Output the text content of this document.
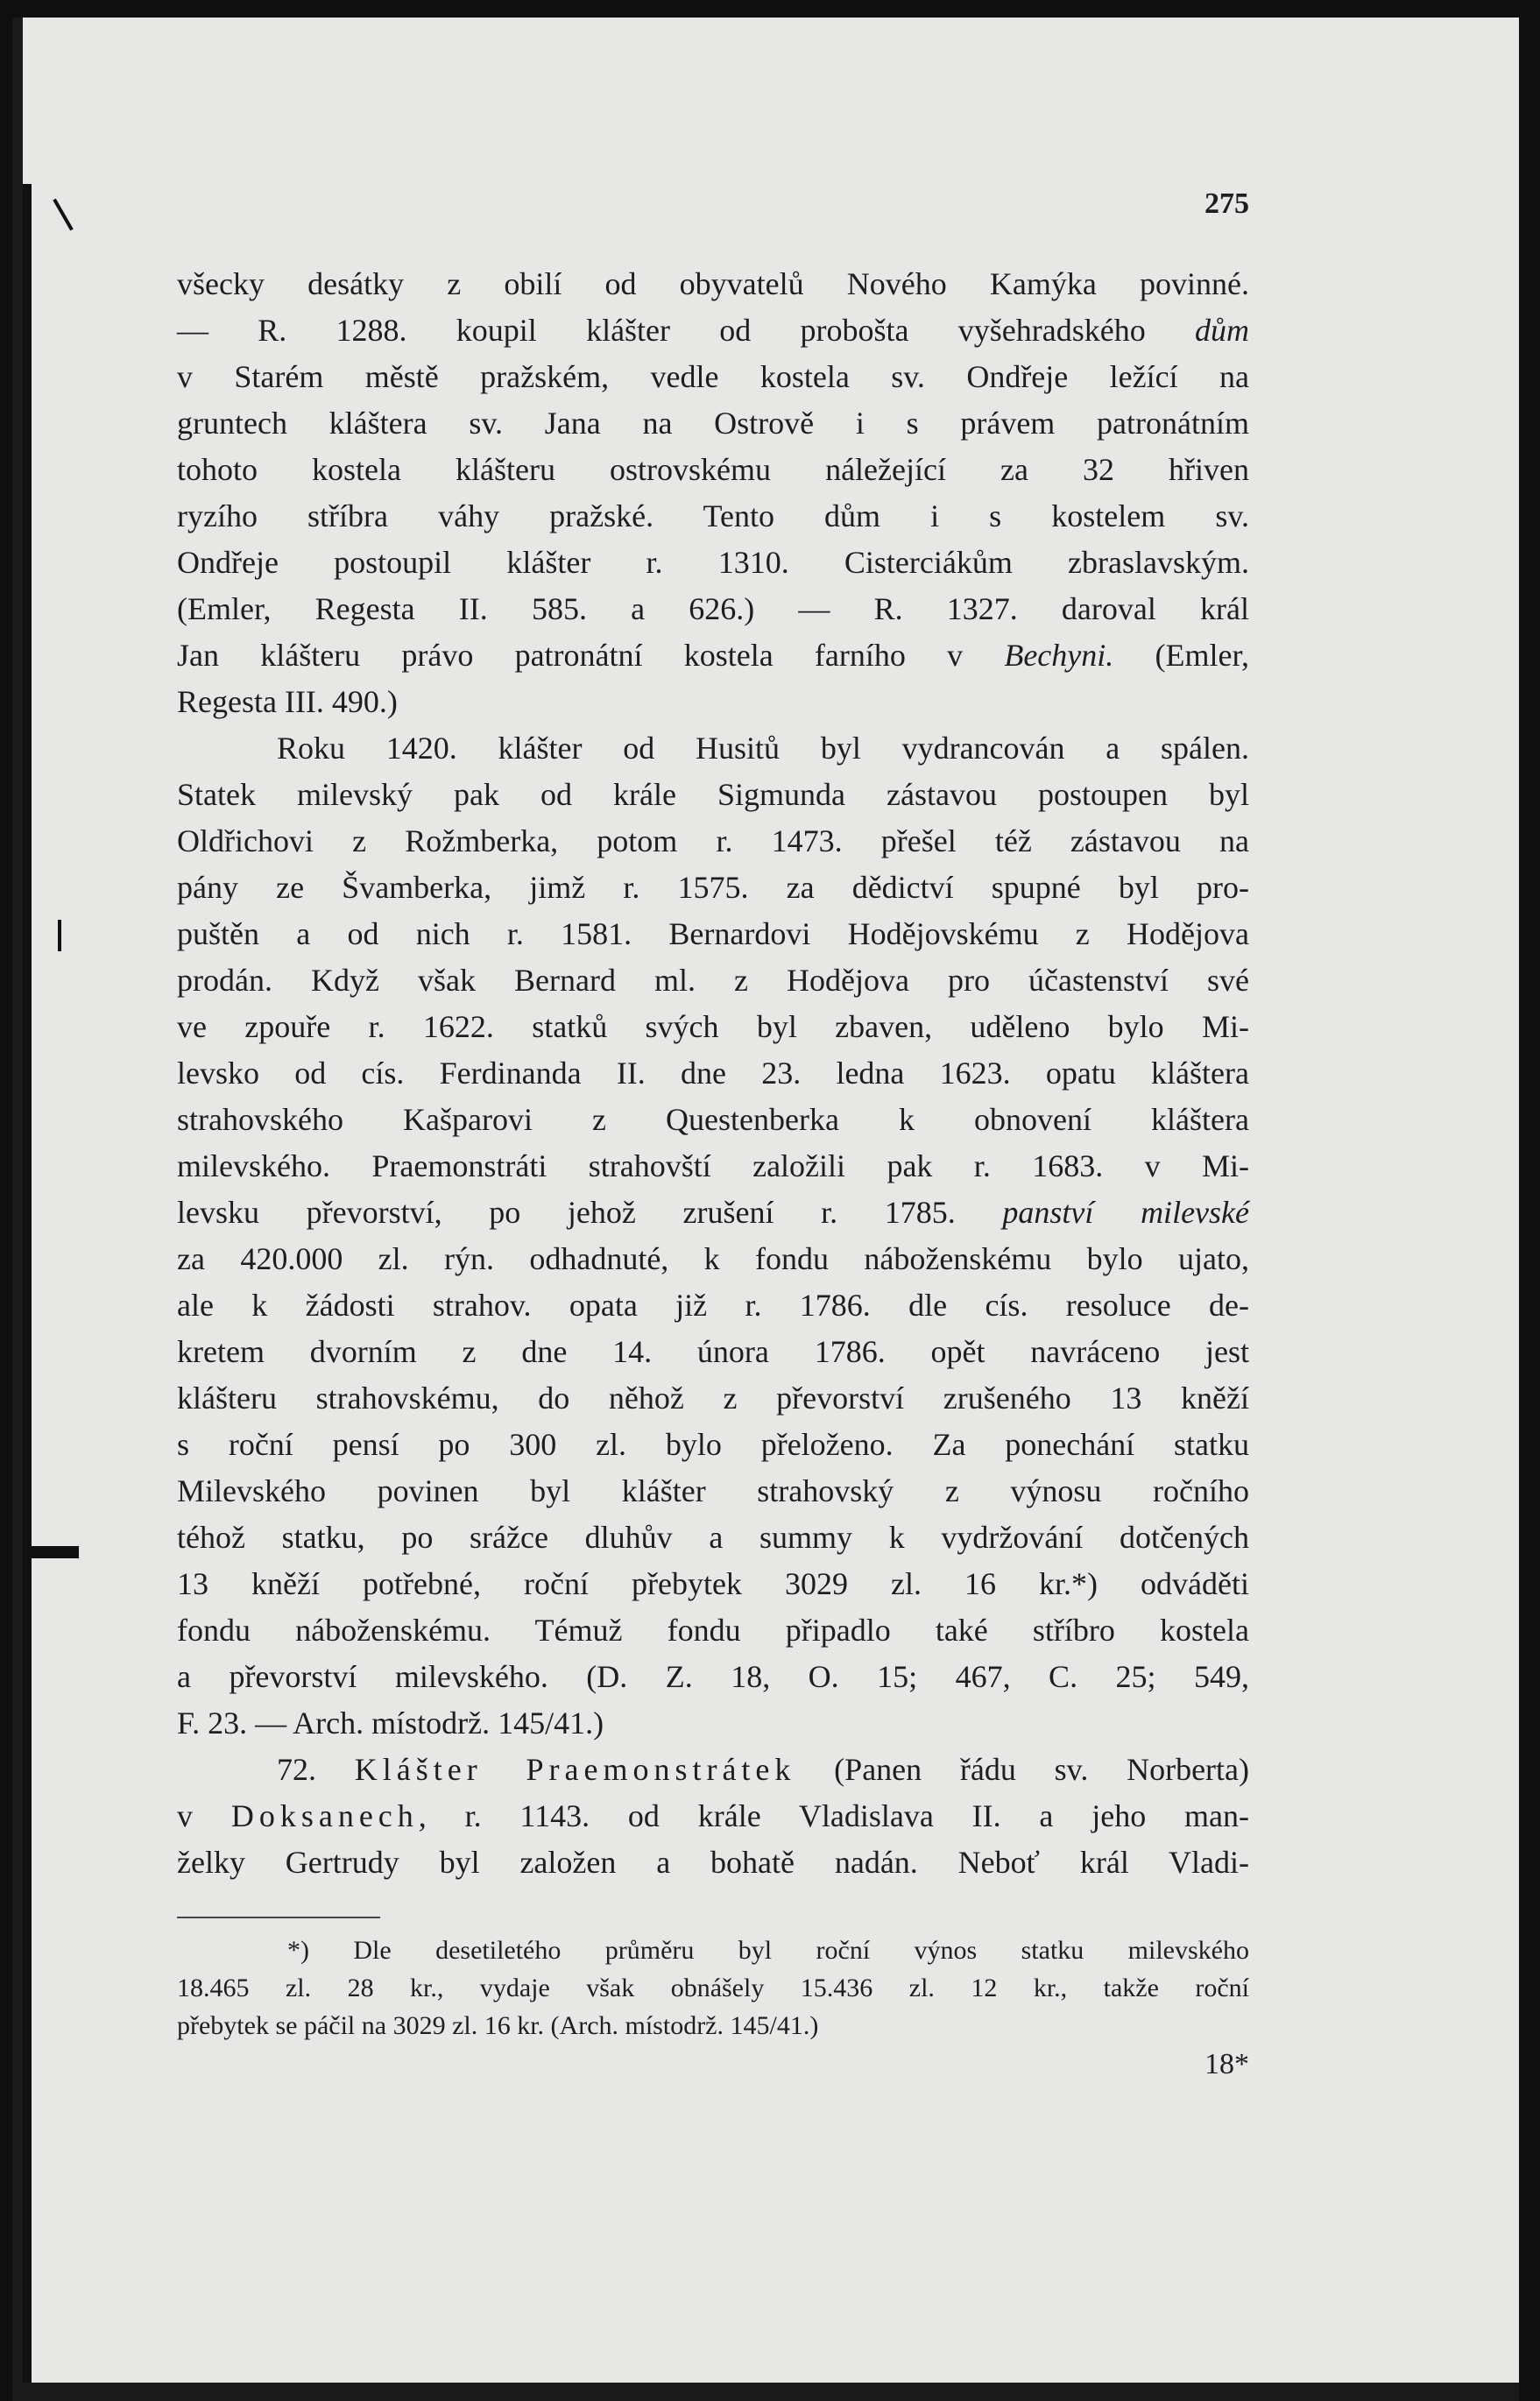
275
všecky desátky z obilí od obyvatelů Nového Kamýka povinné.
— R. 1288. koupil klášter od probošta vyšehradského dům
v Starém městě pražském, vedle kostela sv. Ondřeje ležící na
gruntech kláštera sv. Jana na Ostrově i s právem patronátním
tohoto kostela klášteru ostrovskému náležející za 32 hřiven
ryzího stříbra váhy pražské. Tento dům i s kostelem sv.
Ondřeje postoupil klášter r. 1310. Cisterciákům zbraslavským.
(Emler, Regesta II. 585. a 626.) — R. 1327. daroval král
Jan klášteru právo patronátní kostela farního v Bechyni. (Emler,
Regesta III. 490.)
Roku 1420. klášter od Husitů byl vydrancován a spálen.
Statek milevský pak od krále Sigmunda zástavou postoupen byl
Oldřichovi z Rožmberka, potom r. 1473. přešel též zástavou na
pány ze Švamberka, jimž r. 1575. za dědictví spupné byl pro-
puštěn a od nich r. 1581. Bernardovi Hodějovskému z Hodějova
prodán. Když však Bernard ml. z Hodějova pro účastenství své
ve zpouře r. 1622. statků svých byl zbaven, uděleno bylo Mi-
levsko od cís. Ferdinanda II. dne 23. ledna 1623. opatu kláštera
strahovského Kašparovi z Questenberka k obnovení kláštera
milevského. Praemonstráti strahovští založili pak r. 1683. v Mi-
levsku převorství, po jehož zrušení r. 1785. panství milevské
za 420.000 zl. rýn. odhadnuté, k fondu náboženskému bylo ujato,
ale k žádosti strahov. opata již r. 1786. dle cís. resoluce de-
kretem dvorním z dne 14. února 1786. opět navráceno jest
klášteru strahovskému, do něhož z převorství zrušeného 13 kněží
s roční pensí po 300 zl. bylo přeloženo. Za ponechání statku
Milevského povinen byl klášter strahovský z výnosu ročního
téhož statku, po srážce dluhův a summy k vydržování dotčených
13 kněží potřebné, roční přebytek 3029 zl. 16 kr.*) odváděti
fondu náboženskému. Témuž fondu připadlo také stříbro kostela
a převorství milevského. (D. Z. 18, O. 15; 467, C. 25; 549,
F. 23. — Arch. místodrž. 145/41.)
72. Klášter Praemonstrátek (Panen řádu sv. Norberta)
v Doksanech, r. 1143. od krále Vladislava II. a jeho man-
želky Gertrudy byl založen a bohatě nadán. Neboť král Vladi-
*) Dle desetiletého průměru byl roční výnos statku milevského
18.465 zl. 28 kr., vydaje však obnášely 15.436 zl. 12 kr., takže roční
přebytek se páčil na 3029 zl. 16 kr. (Arch. místodrž. 145/41.)
18*
